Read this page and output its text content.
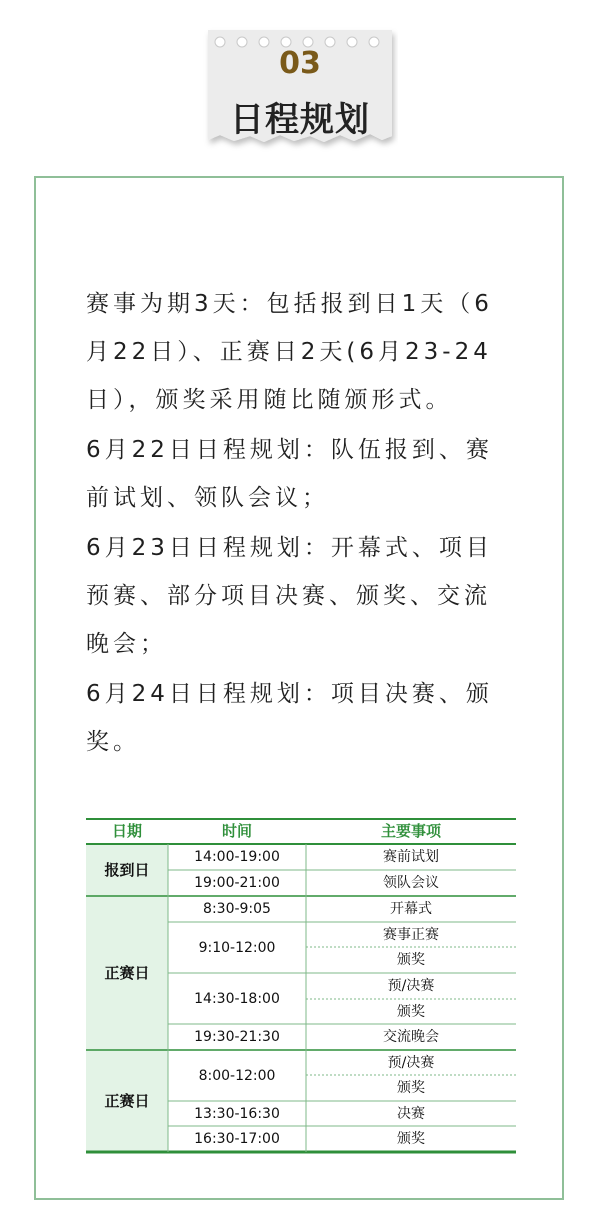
03
日程规划

赛事为期3天：包括报到日1天（6月22日）、正赛日2天(6月23-24日），颁奖采用随比随颁形式。

6月22日日程规划：队伍报到、赛前试划、领队会议；

6月23日日程规划：开幕式、项目预赛、部分项目决赛、颁奖、交流晚会；

6月24日日程规划：项目决赛、颁奖。

日期	时间	主要事项
报到日
正赛日
正赛日
14:00-19:00
19:00-21:00
8:30-9:05
9:10-12:00
14:30-18:00
19:30-21:30
8:00-12:00
13:30-16:30
16:30-17:00
赛前试划
领队会议
开幕式
赛事正赛
颁奖
预/决赛
颁奖
交流晚会
预/决赛
颁奖
决赛
颁奖
